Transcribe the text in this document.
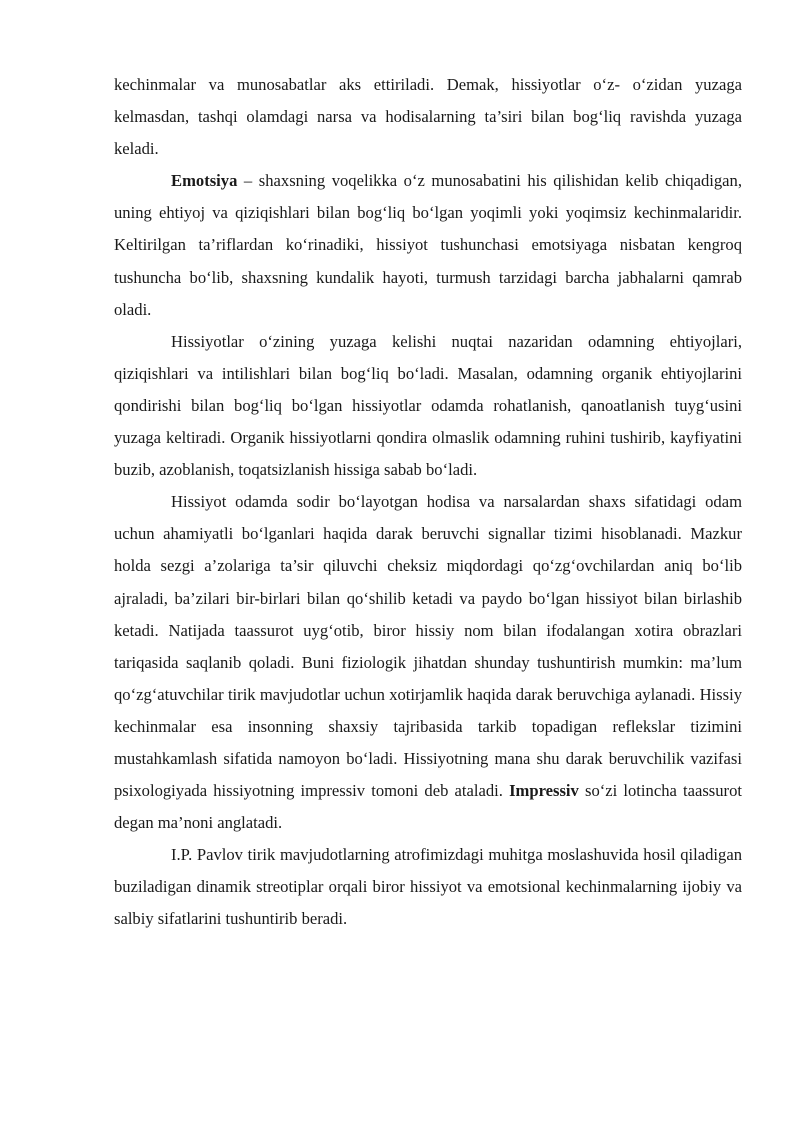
kechinmalar va munosabatlar aks ettiriladi. Demak, hissiyotlar o‘z- o‘zidan yuzaga kelmasdan, tashqi olamdagi narsa va hodisalarning ta’siri bilan bog‘liq ravishda yuzaga keladi.

Emotsiya – shaxsning voqelikka o‘z munosabatini his qilishidan kelib chiqadigan, uning ehtiyoj va qiziqishlari bilan bog‘liq bo‘lgan yoqimli yoki yoqimsiz kechinmalaridir. Keltirilgan ta’riflardan ko‘rinadiki, hissiyot tushunchasi emotsiyaga nisbatan kengroq tushuncha bo‘lib, shaxsning kundalik hayoti, turmush tarzidagi barcha jabhalarni qamrab oladi.

Hissiyotlar o‘zining yuzaga kelishi nuqtai nazaridan odamning ehtiyojlari, qiziqishlari va intilishlari bilan bog‘liq bo‘ladi. Masalan, odamning organik ehtiyojlarini qondirishi bilan bog‘liq bo‘lgan hissiyotlar odamda rohatlanish, qanoatlanish tuyg‘usini yuzaga keltiradi. Organik hissiyotlarni qondira olmaslik odamning ruhini tushirib, kayfiyatini buzib, azoblanish, toqatsizlanish hissiga sabab bo‘ladi.

Hissiyot odamda sodir bo‘layotgan hodisa va narsalardan shaxs sifatidagi odam uchun ahamiyatli bo‘lganlari haqida darak beruvchi signallar tizimi hisoblanadi. Mazkur holda sezgi a’zolariga ta’sir qiluvchi cheksiz miqdordagi qo‘zg‘ovchilardan aniq bo‘lib ajraladi, ba’zilari bir-birlari bilan qo‘shilib ketadi va paydo bo‘lgan hissiyot bilan birlashib ketadi. Natijada taassurot uyg‘otib, biror hissiy nom bilan ifodalangan xotira obrazlari tariqasida saqlanib qoladi. Buni fiziologik jihatdan shunday tushuntirish mumkin: ma’lum qo‘zg‘atuvchilar tirik mavjudotlar uchun xotirjamlik haqida darak beruvchiga aylanadi. Hissiy kechinmalar esa insonning shaxsiy tajribasida tarkib topadigan reflekslar tizimini mustahkamlash sifatida namoyon bo‘ladi. Hissiyotning mana shu darak beruvchilik vazifasi psixologiyada hissiyotning impressiv tomoni deb ataladi. Impressiv so‘zi lotincha taassurot degan ma’noni anglatadi.

I.P. Pavlov tirik mavjudotlarning atrofimizdagi muhitga moslashuvida hosil qiladigan buziladigan dinamik streotiplar orqali biror hissiyot va emotsional kechinmalarning ijobiy va salbiy sifatlarini tushuntirib beradi.
